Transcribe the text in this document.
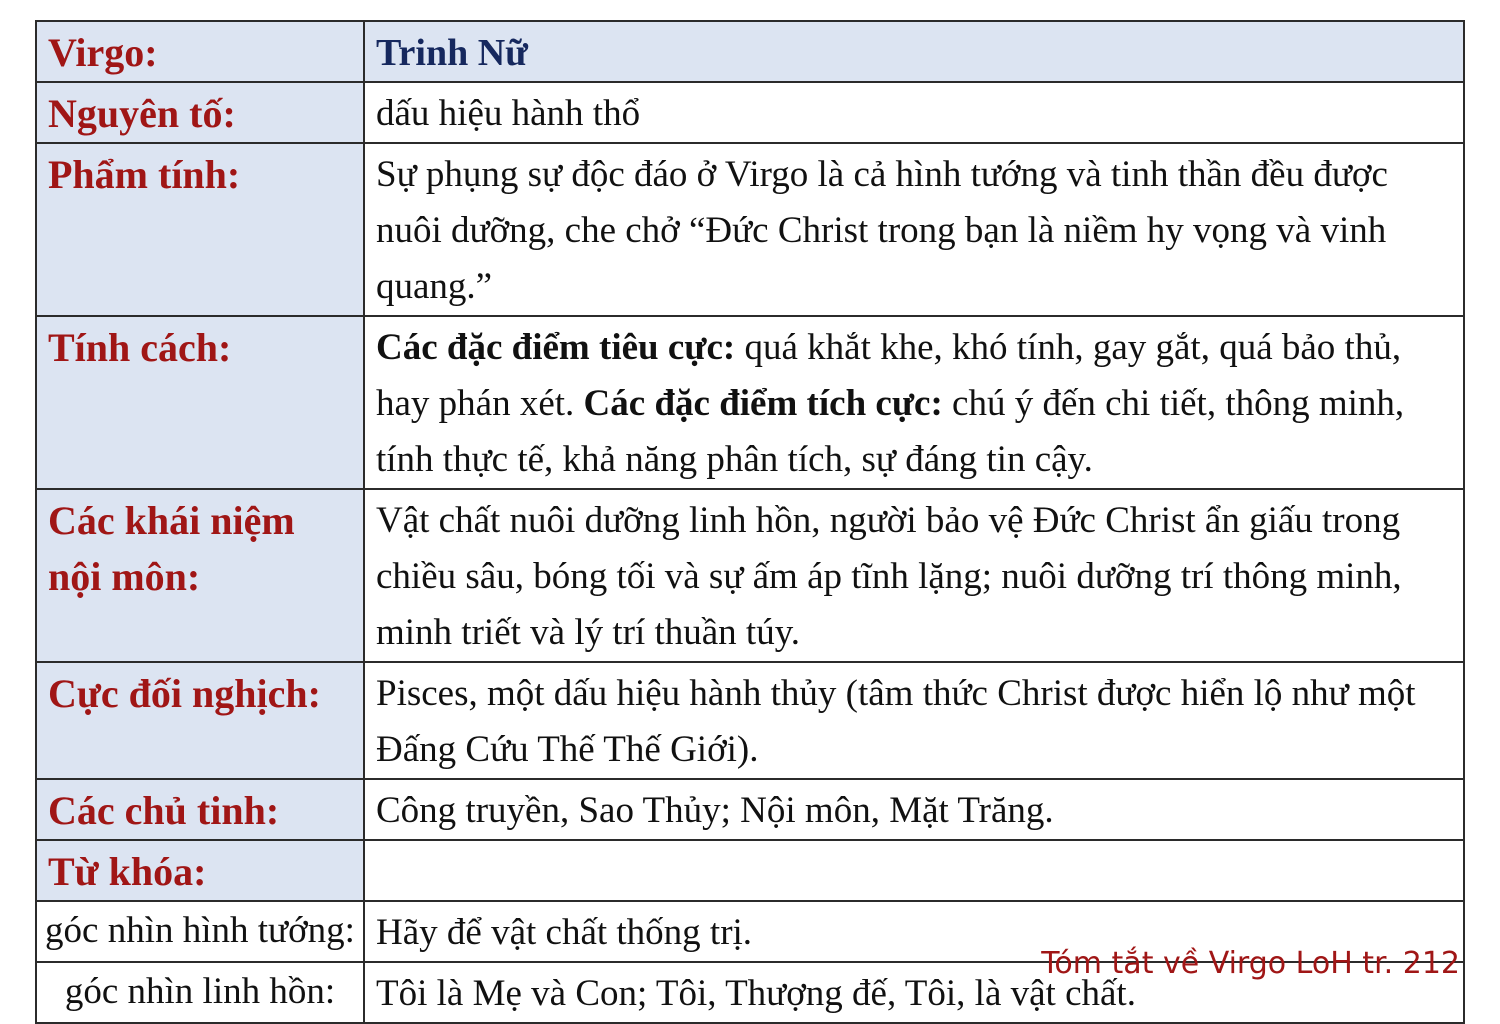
Virgo:	Trinh Nữ
Nguyên tố:	dấu hiệu hành thổ
Phẩm tính:	Sự phụng sự độc đáo ở Virgo là cả hình tướng và tinh thần đều được nuôi dưỡng, che chở “Đức Christ trong bạn là niềm hy vọng và vinh quang.”
Tính cách:	Các đặc điểm tiêu cực: quá khắt khe, khó tính, gay gắt, quá bảo thủ, hay phán xét. Các đặc điểm tích cực: chú ý đến chi tiết, thông minh, tính thực tế, khả năng phân tích, sự đáng tin cậy.
Các khái niệm nội môn:	Vật chất nuôi dưỡng linh hồn, người bảo vệ Đức Christ ẩn giấu trong chiều sâu, bóng tối và sự ấm áp tĩnh lặng; nuôi dưỡng trí thông minh, minh triết và lý trí thuần túy.
Cực đối nghịch:	Pisces, một dấu hiệu hành thủy (tâm thức Christ được hiển lộ như một Đấng Cứu Thế Thế Giới).
Các chủ tinh:	Công truyền, Sao Thủy; Nội môn, Mặt Trăng.
Từ khóa:	
góc nhìn hình tướng:	Hãy để vật chất thống trị.
góc nhìn linh hồn:	Tôi là Mẹ và Con; Tôi, Thượng đế, Tôi, là vật chất.
Tóm tắt về Virgo LoH tr. 212
